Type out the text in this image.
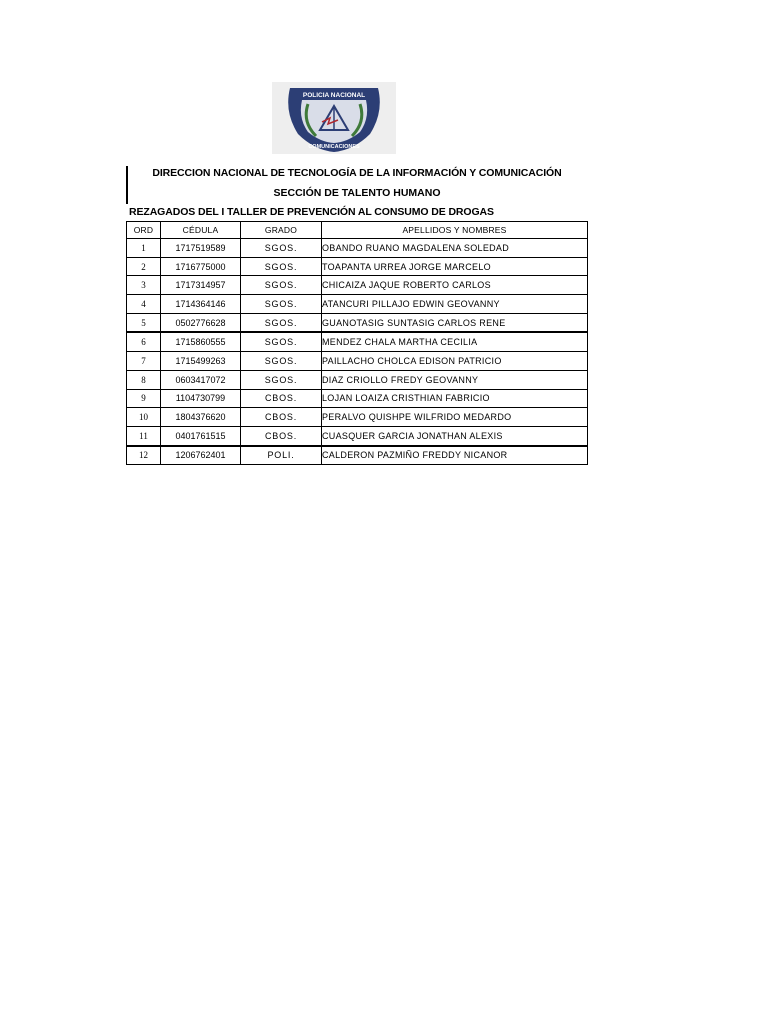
POLICIA NACIONAL
COMUNICACIONES
DIRECCION NACIONAL DE TECNOLOGÍA DE LA INFORMACIÓN Y COMUNICACIÓN
SECCIÓN DE TALENTO HUMANO
REZAGADOS DEL I TALLER DE PREVENCIÓN AL CONSUMO DE DROGAS
ORD	CÉDULA	GRADO	APELLIDOS Y NOMBRES
1	1717519589	SGOS.	OBANDO RUANO MAGDALENA SOLEDAD
2	1716775000	SGOS.	TOAPANTA URREA JORGE MARCELO
3	1717314957	SGOS.	CHICAIZA JAQUE ROBERTO CARLOS
4	1714364146	SGOS.	ATANCURI PILLAJO EDWIN GEOVANNY
5	0502776628	SGOS.	GUANOTASIG SUNTASIG CARLOS RENE
6	1715860555	SGOS.	MENDEZ CHALA MARTHA CECILIA
7	1715499263	SGOS.	PAILLACHO CHOLCA EDISON PATRICIO
8	0603417072	SGOS.	DIAZ CRIOLLO FREDY GEOVANNY
9	1104730799	CBOS.	LOJAN LOAIZA CRISTHIAN FABRICIO
10	1804376620	CBOS.	PERALVO QUISHPE WILFRIDO MEDARDO
11	0401761515	CBOS.	CUASQUER GARCIA JONATHAN ALEXIS
12	1206762401	POLI.	CALDERON PAZMIÑO FREDDY NICANOR
